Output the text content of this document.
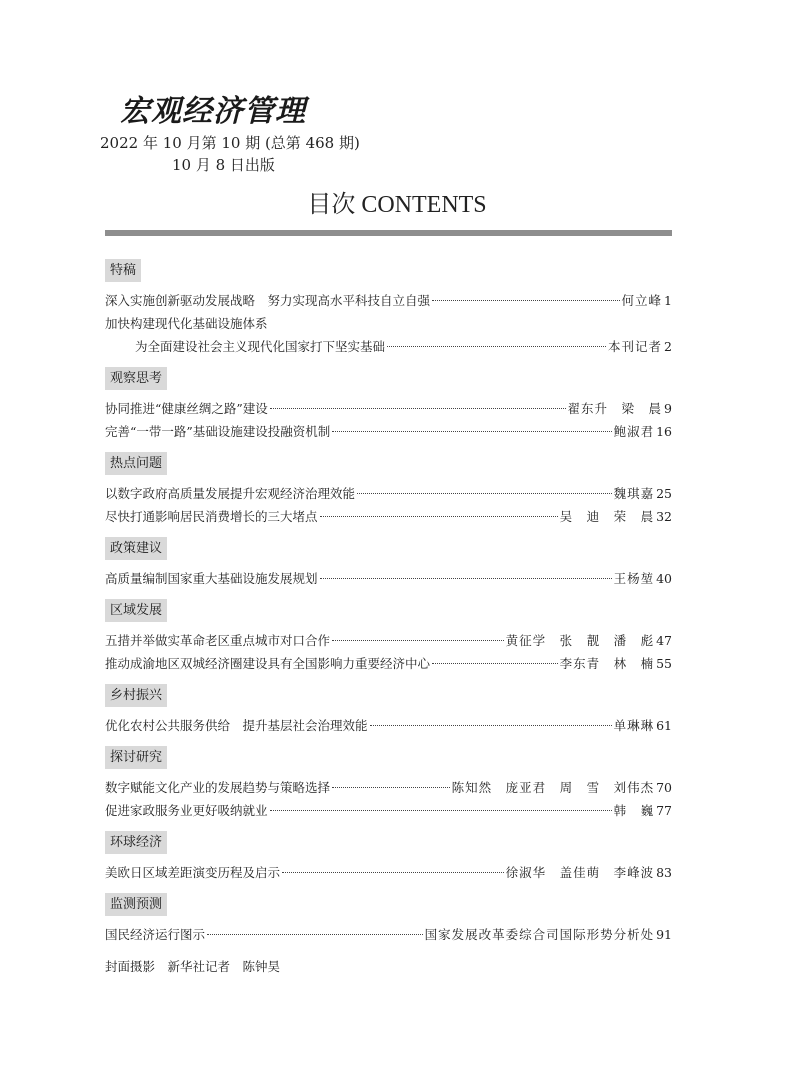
宏观经济管理
2022 年 10 月第 10 期 (总第 468 期)
10 月 8 日出版
目次 CONTENTS
特稿
深入实施创新驱动发展战略　努力实现高水平科技自立自强	何立峰 1
加快构建现代化基础设施体系
为全面建设社会主义现代化国家打下坚实基础	本刊记者 2
观察思考
协同推进“健康丝绸之路”建设	翟东升　梁　晨 9
完善“一带一路”基础设施建设投融资机制	鲍淑君 16
热点问题
以数字政府高质量发展提升宏观经济治理效能	魏琪嘉 25
尽快打通影响居民消费增长的三大堵点	吴　迪　荣　晨 32
政策建议
高质量编制国家重大基础设施发展规划	王杨堃 40
区域发展
五措并举做实革命老区重点城市对口合作	黄征学　张　靓　潘　彪 47
推动成渝地区双城经济圈建设具有全国影响力重要经济中心	李东青　林　楠 55
乡村振兴
优化农村公共服务供给　提升基层社会治理效能	单琳琳 61
探讨研究
数字赋能文化产业的发展趋势与策略选择	陈知然　庞亚君　周　雪　刘伟杰 70
促进家政服务业更好吸纳就业	韩　巍 77
环球经济
美欧日区域差距演变历程及启示	徐淑华　盖佳萌　李峰波 83
监测预测
国民经济运行图示	国家发展改革委综合司国际形势分析处 91
封面摄影　新华社记者　陈钟昊
